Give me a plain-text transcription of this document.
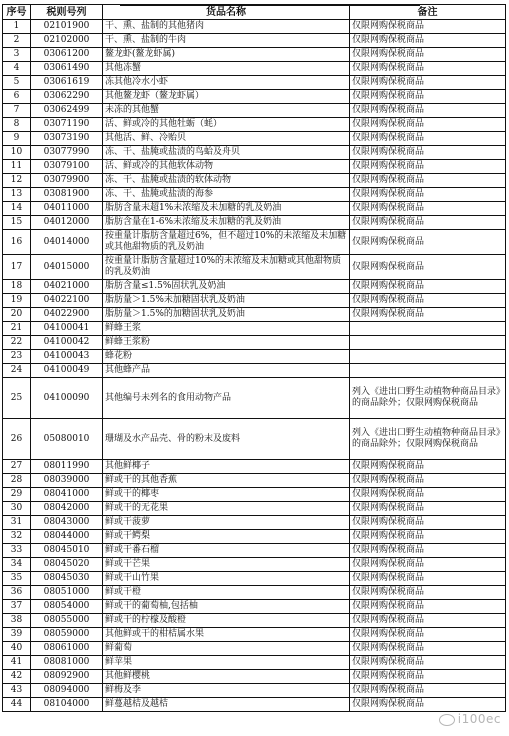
序号	税则号列	货品名称	备注
1	02101900	干、熏、盐制的其他猪肉	仅限网购保税商品
2	02102000	干、熏、盐制的牛肉	仅限网购保税商品
3	03061200	鳌龙虾(鳌龙虾属)	仅限网购保税商品
4	03061490	其他冻蟹	仅限网购保税商品
5	03061619	冻其他冷水小虾	仅限网购保税商品
6	03062290	其他鳌龙虾（鳌龙虾属）	仅限网购保税商品
7	03062499	未冻的其他蟹	仅限网购保税商品
8	03071190	活、鲜或冷的其他牡蛎（蚝）	仅限网购保税商品
9	03073190	其他活、鲜、冷贻贝	仅限网购保税商品
10	03077990	冻、干、盐腌或盐渍的鸟蛤及舟贝	仅限网购保税商品
11	03079100	活、鲜或冷的其他软体动物	仅限网购保税商品
12	03079900	冻、干、盐腌或盐渍的软体动物	仅限网购保税商品
13	03081900	冻、干、盐腌或盐渍的海参	仅限网购保税商品
14	04011000	脂肪含量未超1%未浓缩及未加糖的乳及奶油	仅限网购保税商品
15	04012000	脂肪含量在1-6%未浓缩及未加糖的乳及奶油	仅限网购保税商品
16	04014000	按重量计脂肪含量超过6%，但不超过10%的未浓缩及未加糖或其他甜物质的乳及奶油	仅限网购保税商品
17	04015000	按重量计脂肪含量超过10%的未浓缩及未加糖或其他甜物质的乳及奶油	仅限网购保税商品
18	04021000	脂肪含量≤1.5%固状乳及奶油	仅限网购保税商品
19	04022100	脂肪量＞1.5%未加糖固状乳及奶油	仅限网购保税商品
20	04022900	脂肪量＞1.5%的加糖固状乳及奶油	仅限网购保税商品
21	04100041	鲜蜂王浆	
22	04100042	鲜蜂王浆粉	
23	04100043	蜂花粉	
24	04100049	其他蜂产品	
25	04100090	其他编号未列名的食用动物产品	列入《进出口野生动植物种商品目录》的商品除外；仅限网购保税商品
26	05080010	珊瑚及水产品壳、骨的粉末及废料	列入《进出口野生动植物种商品目录》的商品除外；仅限网购保税商品
27	08011990	其他鲜椰子	仅限网购保税商品
28	08039000	鲜或干的其他香蕉	仅限网购保税商品
29	08041000	鲜或干的椰枣	仅限网购保税商品
30	08042000	鲜或干的无花果	仅限网购保税商品
31	08043000	鲜或干菠萝	仅限网购保税商品
32	08044000	鲜或干鳄梨	仅限网购保税商品
33	08045010	鲜或干番石榴	仅限网购保税商品
34	08045020	鲜或干芒果	仅限网购保税商品
35	08045030	鲜或干山竹果	仅限网购保税商品
36	08051000	鲜或干橙	仅限网购保税商品
37	08054000	鲜或干的葡萄柚,包括柚	仅限网购保税商品
38	08055000	鲜或干的柠檬及酸橙	仅限网购保税商品
39	08059000	其他鲜或干的柑桔属水果	仅限网购保税商品
40	08061000	鲜葡萄	仅限网购保税商品
41	08081000	鲜苹果	仅限网购保税商品
42	08092900	其他鲜樱桃	仅限网购保税商品
43	08094000	鲜梅及李	仅限网购保税商品
44	08104000	鲜蔓越桔及越桔	仅限网购保税商品
i100ec
